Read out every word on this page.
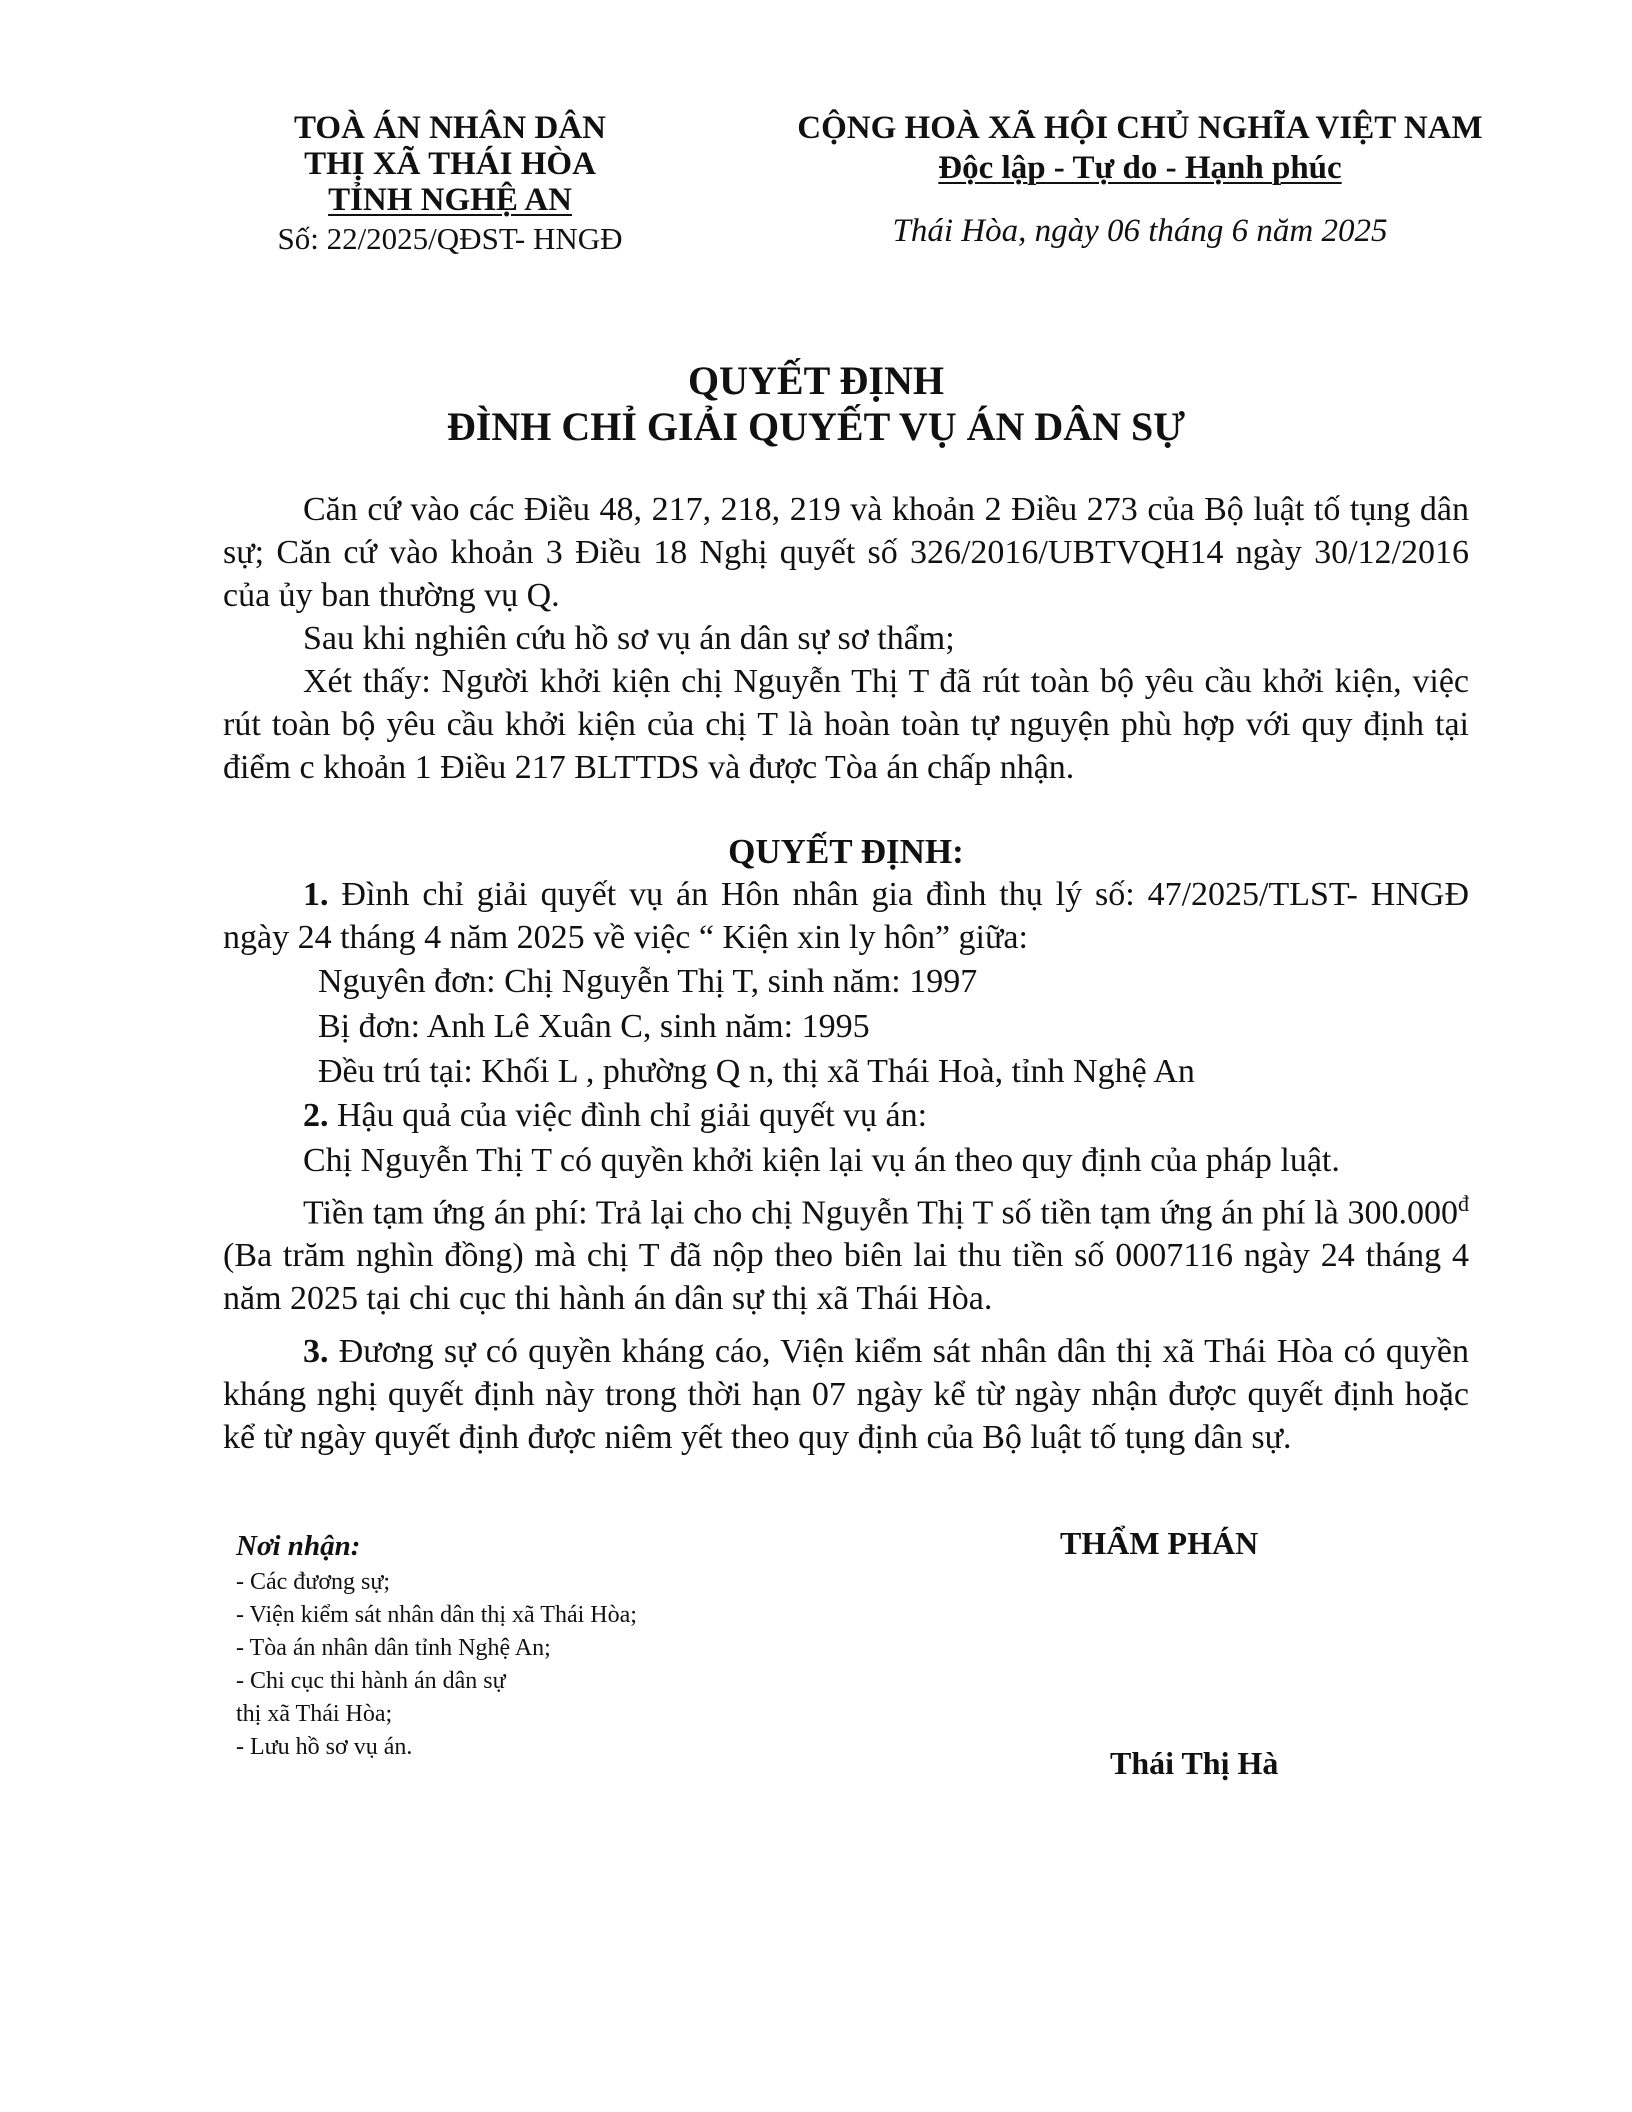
TOÀ ÁN NHÂN DÂN
THỊ XÃ THÁI HÒA
TỈNH NGHỆ AN
Số: 22/2025/QĐST- HNGĐ
CỘNG HOÀ XÃ HỘI CHỦ NGHĨA VIỆT NAM
Độc lập - Tự do - Hạnh phúc
Thái Hòa, ngày 06 tháng 6 năm 2025
QUYẾT ĐỊNH
ĐÌNH CHỈ GIẢI QUYẾT VỤ ÁN DÂN SỰ

Căn cứ vào các Điều 48, 217, 218, 219 và khoản 2 Điều 273 của Bộ luật tố tụng dân sự; Căn cứ vào khoản 3 Điều 18 Nghị quyết số 326/2016/UBTVQH14 ngày 30/12/2016 của ủy ban thường vụ Q.

Sau khi nghiên cứu hồ sơ vụ án dân sự sơ thẩm;

Xét thấy: Người khởi kiện chị Nguyễn Thị T đã rút toàn bộ yêu cầu khởi kiện, việc rút toàn bộ yêu cầu khởi kiện của chị T là hoàn toàn tự nguyện phù hợp với quy định tại điểm c khoản 1 Điều 217 BLTTDS và được Tòa án chấp nhận.

QUYẾT ĐỊNH:

1. Đình chỉ giải quyết vụ án Hôn nhân gia đình thụ lý số: 47/2025/TLST- HNGĐ ngày 24 tháng 4 năm 2025 về việc “ Kiện xin ly hôn” giữa:

Nguyên đơn: Chị Nguyễn Thị T, sinh năm: 1997

Bị đơn: Anh Lê Xuân C, sinh năm: 1995

Đều trú tại: Khối L , phường Q n, thị xã Thái Hoà, tỉnh Nghệ An

2. Hậu quả của việc đình chỉ giải quyết vụ án:

Chị Nguyễn Thị T có quyền khởi kiện lại vụ án theo quy định của pháp luật.

Tiền tạm ứng án phí: Trả lại cho chị Nguyễn Thị T số tiền tạm ứng án phí là $300.000^đ$ (Ba trăm nghìn đồng) mà chị T đã nộp theo biên lai thu tiền số 0007116 ngày 24 tháng 4 năm 2025 tại chi cục thi hành án dân sự thị xã Thái Hòa.

3. Đương sự có quyền kháng cáo, Viện kiểm sát nhân dân thị xã Thái Hòa có quyền kháng nghị quyết định này trong thời hạn 07 ngày kể từ ngày nhận được quyết định hoặc kể từ ngày quyết định được niêm yết theo quy định của Bộ luật tố tụng dân sự.

Nơi nhận:
- Các đương sự;
- Viện kiểm sát nhân dân thị xã Thái Hòa;
- Tòa án nhân dân tỉnh Nghệ An;
- Chi cục thi hành án dân sự
thị xã Thái Hòa;
- Lưu hồ sơ vụ án.
THẨM PHÁN
Thái Thị Hà
